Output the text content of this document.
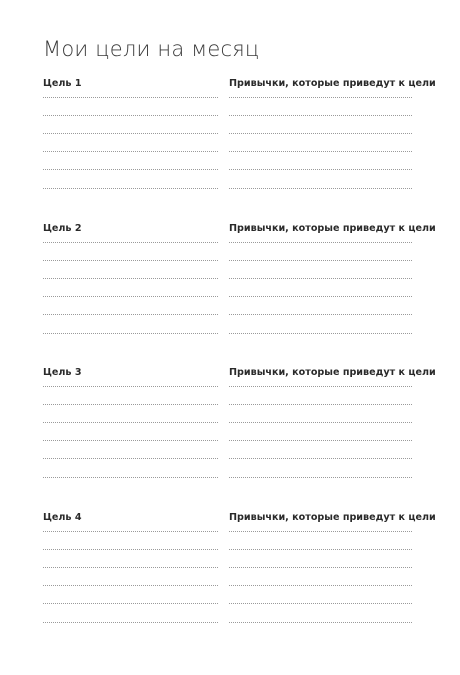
Мои цели на месяц
Цель 1	Привычки, которые приведут к цели
Цель 2	Привычки, которые приведут к цели
Цель 3	Привычки, которые приведут к цели
Цель 4	Привычки, которые приведут к цели
